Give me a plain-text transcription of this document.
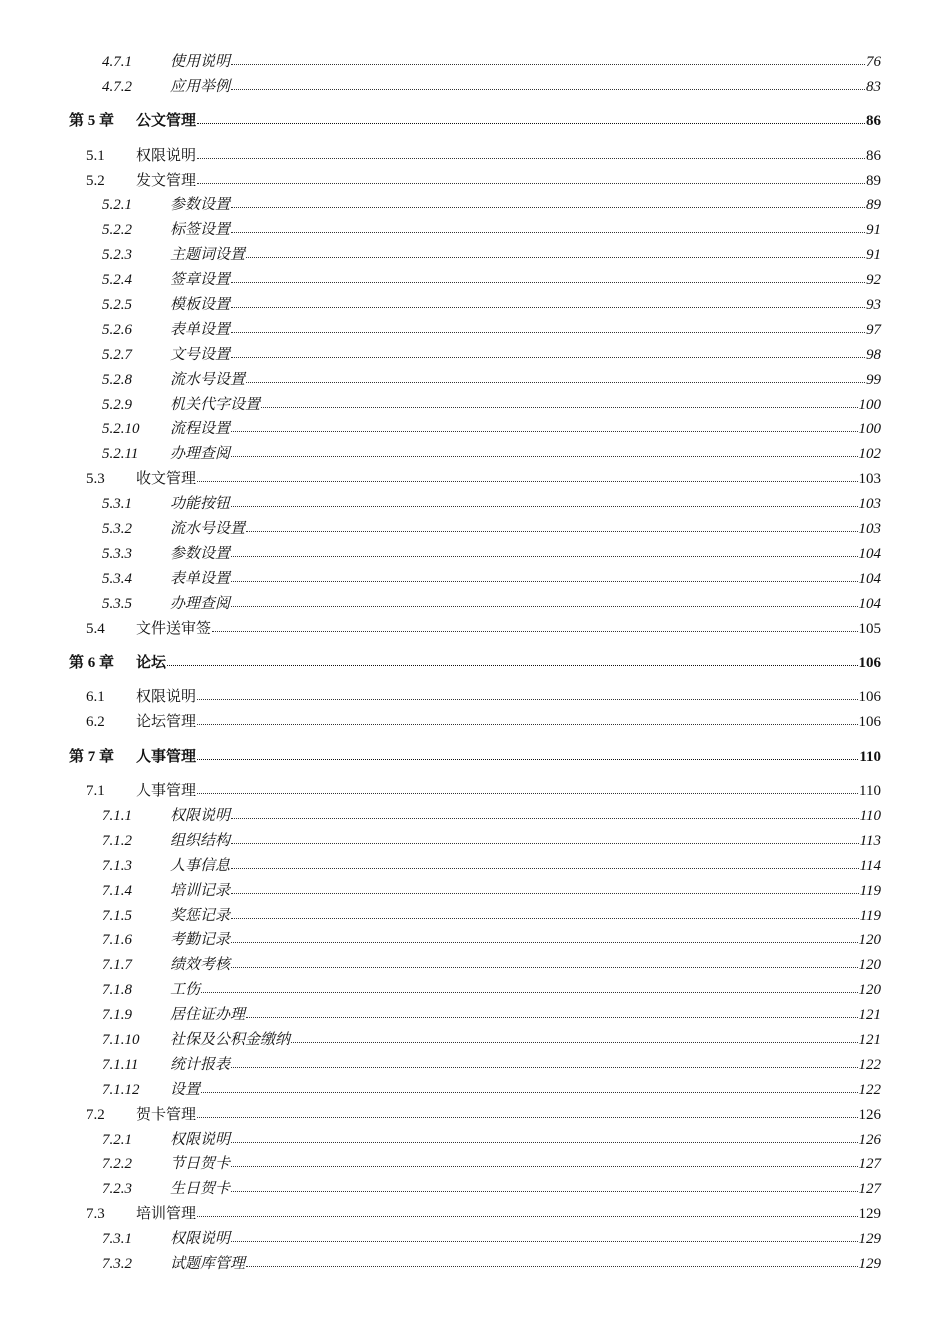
4.7.1	使用说明	76
4.7.2	应用举例	83
第 5 章 公文管理	86
5.1 权限说明	86
5.2 发文管理	89
5.2.1	参数设置	89
5.2.2	标签设置	91
5.2.3	主题词设置	91
5.2.4	签章设置	92
5.2.5	模板设置	93
5.2.6	表单设置	97
5.2.7	文号设置	98
5.2.8	流水号设置	99
5.2.9	机关代字设置	100
5.2.10 流程设置	100
5.2.11 办理查阅	102
5.3 收文管理	103
5.3.1	功能按钮	103
5.3.2	流水号设置	103
5.3.3	参数设置	104
5.3.4	表单设置	104
5.3.5	办理查阅	104
5.4 文件送审签	105
第 6 章 论坛	106
6.1 权限说明	106
6.2 论坛管理	106
第 7 章 人事管理	110
7.1 人事管理	110
7.1.1	权限说明	110
7.1.2	组织结构	113
7.1.3	人事信息	114
7.1.4	培训记录	119
7.1.5	奖惩记录	119
7.1.6	考勤记录	120
7.1.7	绩效考核	120
7.1.8	工伤	120
7.1.9	居住证办理	121
7.1.10 社保及公积金缴纳	121
7.1.11 统计报表	122
7.1.12 设置	122
7.2 贺卡管理	126
7.2.1	权限说明	126
7.2.2	节日贺卡	127
7.2.3	生日贺卡	127
7.3 培训管理	129
7.3.1	权限说明	129
7.3.2	试题库管理	129
